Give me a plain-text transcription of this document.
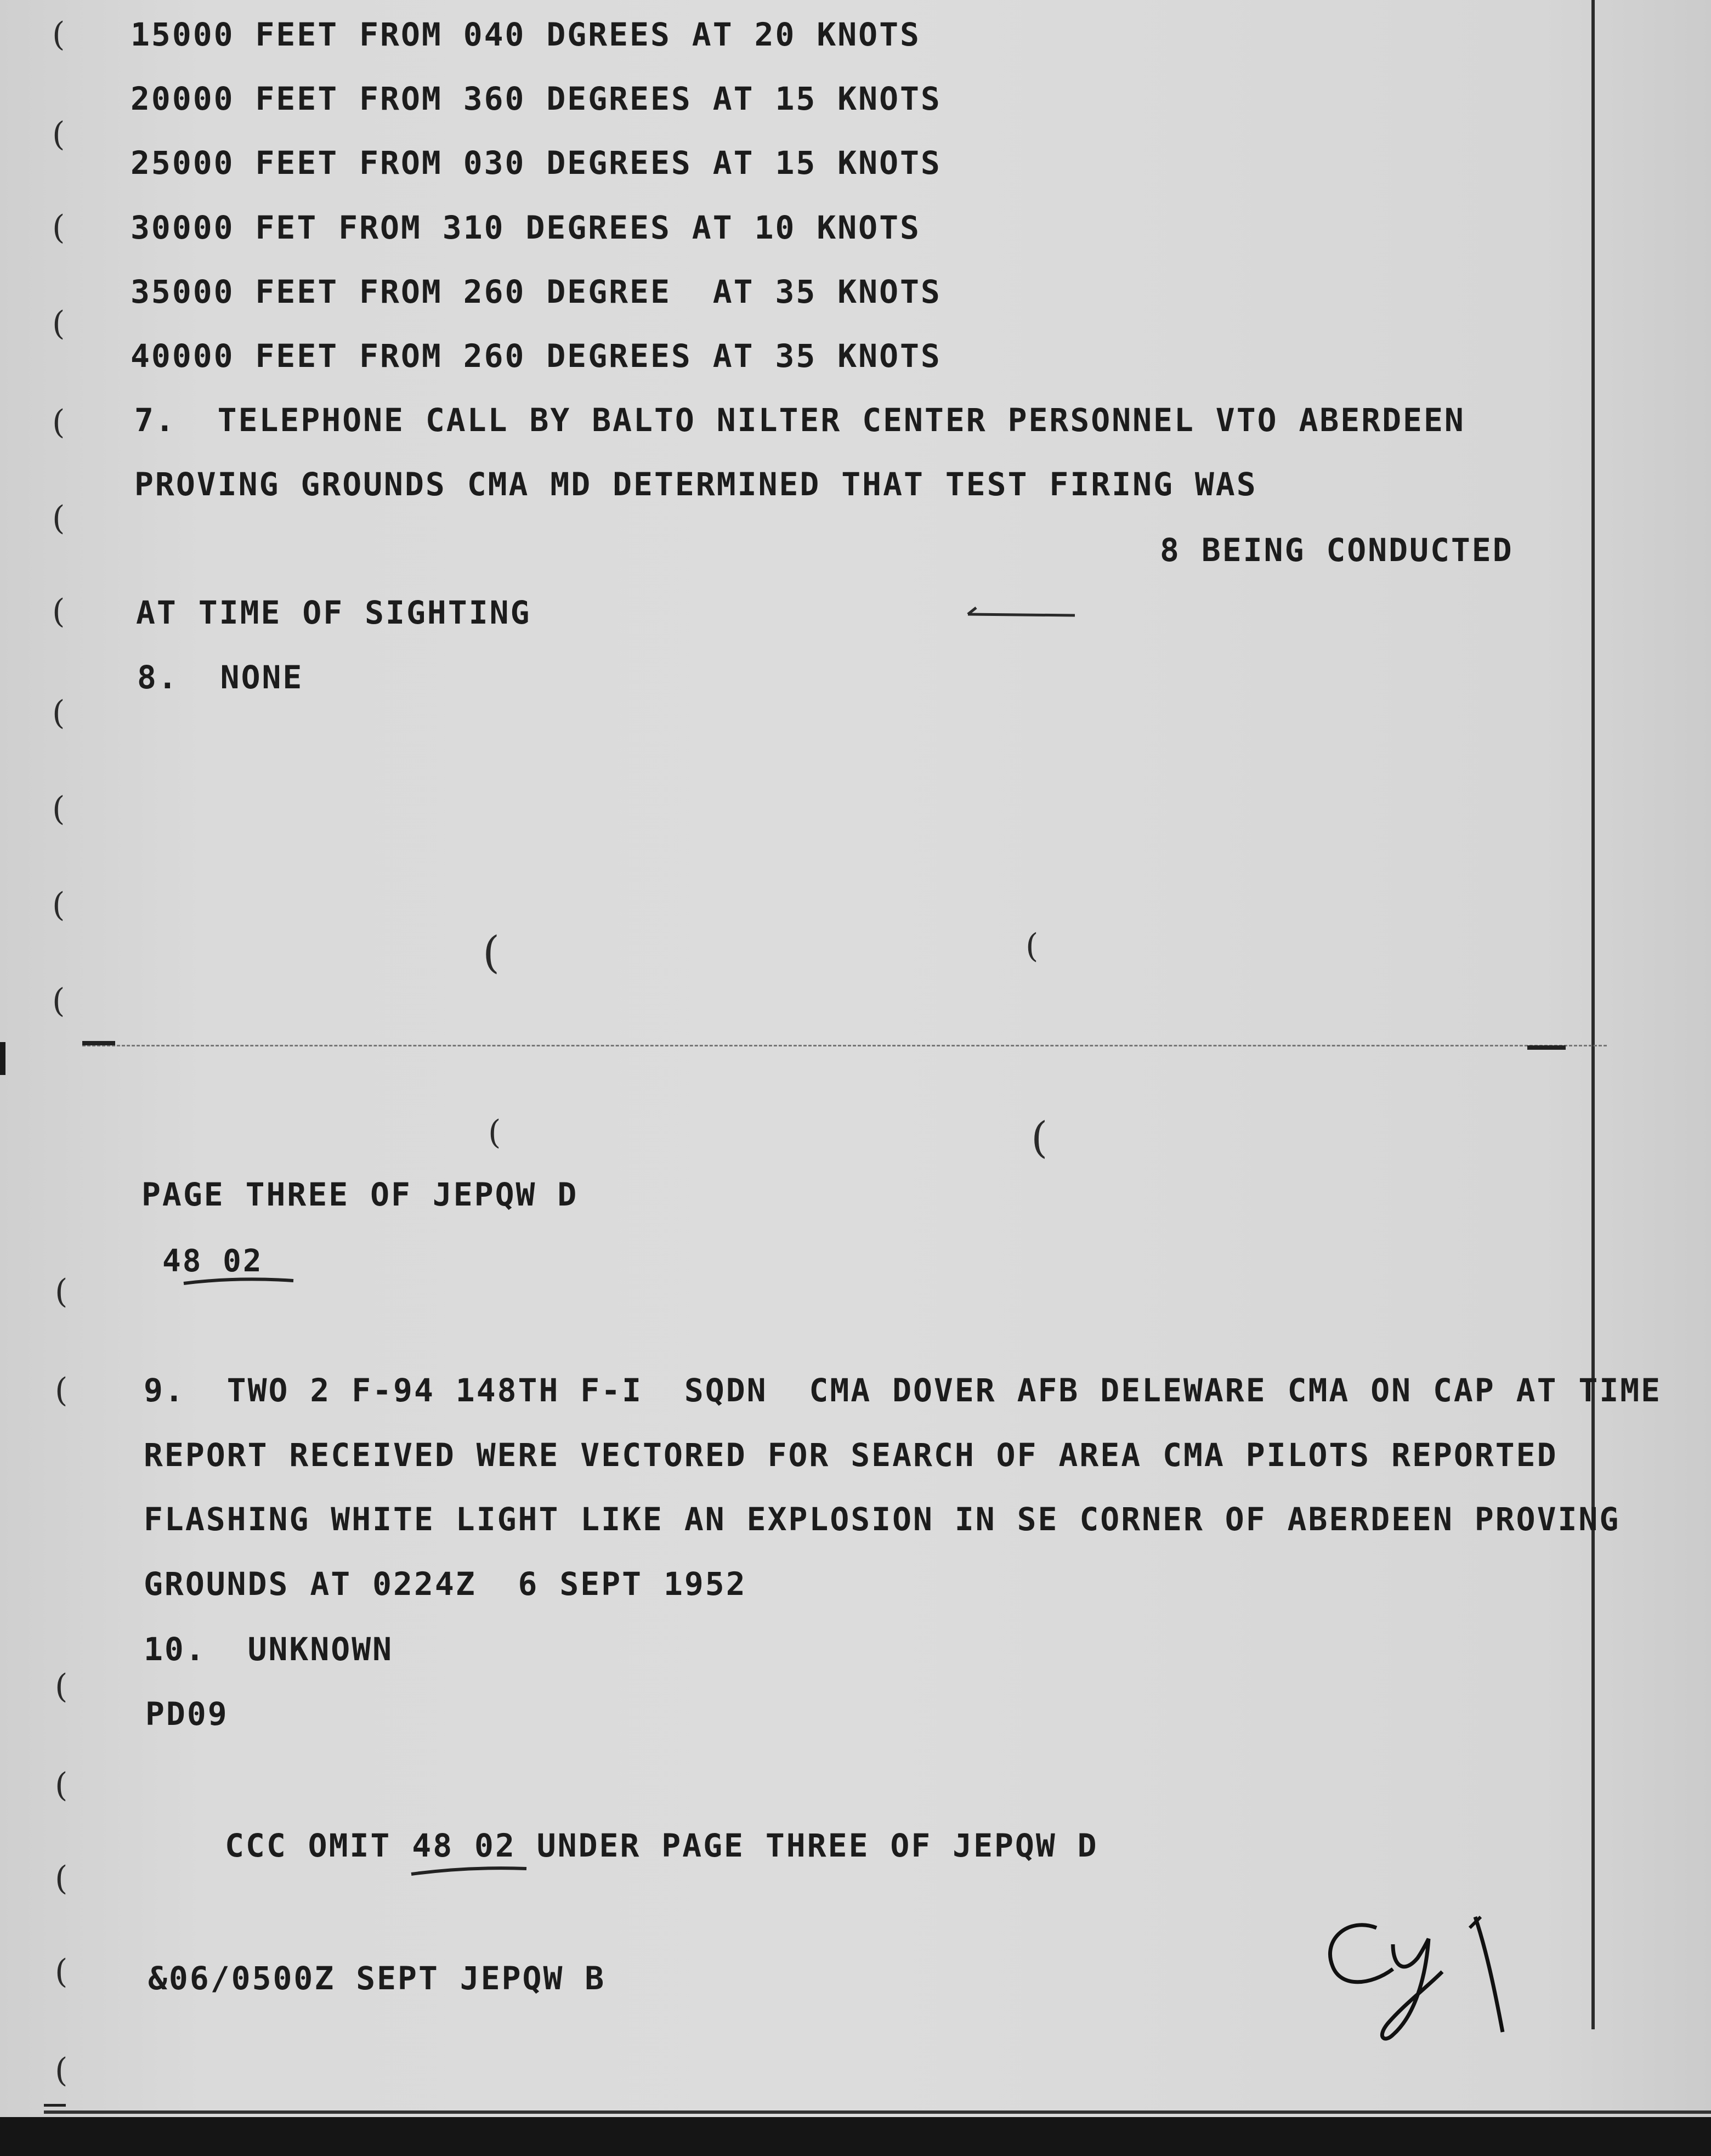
(
(
(
(
(
(
(
(
(
(
(
(
(
(
(
(
(
(
(	(
(	(
15000 FEET FROM 040 DGREES AT 20 KNOTS
20000 FEET FROM 360 DEGREES AT 15 KNOTS
25000 FEET FROM 030 DEGREES AT 15 KNOTS
30000 FET FROM 310 DEGREES AT 10 KNOTS
35000 FEET FROM 260 DEGREE  AT 35 KNOTS
40000 FEET FROM 260 DEGREES AT 35 KNOTS
7.  TELEPHONE CALL BY BALTO NILTER CENTER PERSONNEL VTO ABERDEEN
PROVING GROUNDS CMA MD DETERMINED THAT TEST FIRING WAS
8 BEING CONDUCTED
AT TIME OF SIGHTING
8.  NONE
PAGE THREE OF JEPQW D
48 02
9.  TWO 2 F-94 148TH F-I  SQDN  CMA DOVER AFB DELEWARE CMA ON CAP AT TIME
REPORT RECEIVED WERE VECTORED FOR SEARCH OF AREA CMA PILOTS REPORTED
FLASHING WHITE LIGHT LIKE AN EXPLOSION IN SE CORNER OF ABERDEEN PROVING
GROUNDS AT 0224Z  6 SEPT 1952
10.  UNKNOWN
PD09
CCC OMIT 48 02 UNDER PAGE THREE OF JEPQW D
&06/0500Z SEPT JEPQW B
